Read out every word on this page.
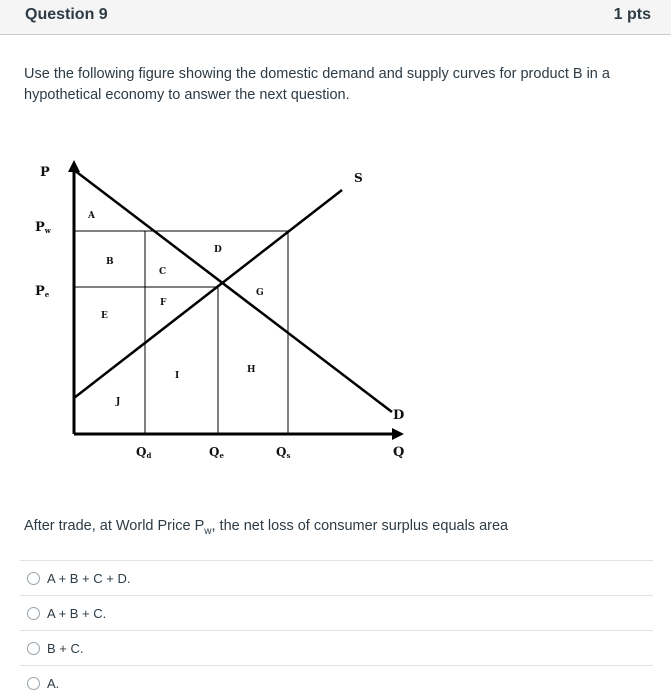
Question 9	1 pts
Use the following figure showing the domestic demand and supply curves for product B in a hypothetical economy to answer the next question.
P
Pw
Pe
S
D
Q
Qd	Qe	Qs
A
B
C
D
E
F
G
H
I
J
After trade, at World Price $P_w$, the net loss of consumer surplus equals area
A + B + C + D.
A + B + C.
B + C.
A.
